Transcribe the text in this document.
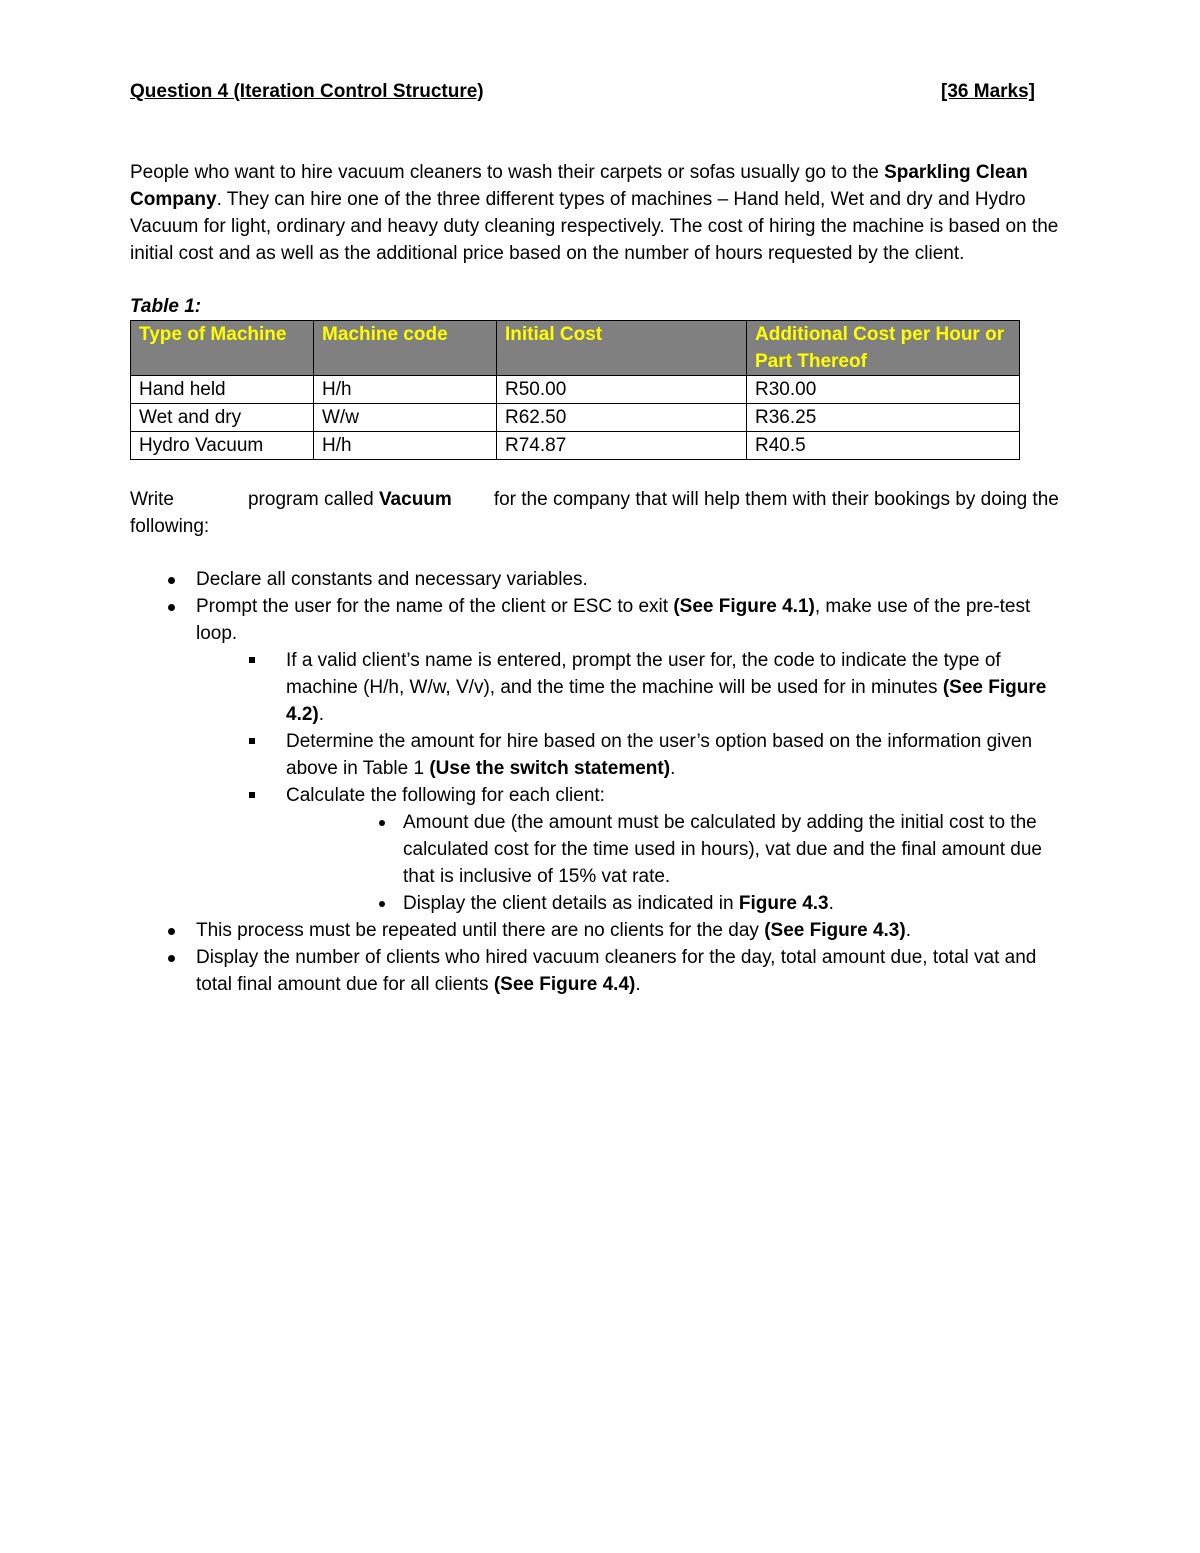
Question 4 (Iteration Control Structure)	[36 Marks]

People who want to hire vacuum cleaners to wash their carpets or sofas usually go to the Sparkling Clean Company. They can hire one of the three different types of machines – Hand held, Wet and dry and Hydro Vacuum for light, ordinary and heavy duty cleaning respectively. The cost of hiring the machine is based on the initial cost and as well as the additional price based on the number of hours requested by the client.

Table 1:
Type of Machine	Machine code	Initial Cost	Additional Cost per Hour or Part Thereof
Hand held	H/h	R50.00	R30.00
Wet and dry	W/w	R62.50	R36.25
Hydro Vacuum	H/h	R74.87	R40.5

Write	program called Vacuum for the company that will help them with their bookings by doing the following:

Declare all constants and necessary variables.
Prompt the user for the name of the client or ESC to exit (See Figure 4.1), make use of the pre-test loop.
If a valid client’s name is entered, prompt the user for, the code to indicate the type of machine (H/h, W/w, V/v), and the time the machine will be used for in minutes (See Figure 4.2).
Determine the amount for hire based on the user’s option based on the information given above in Table 1 (Use the switch statement).
Calculate the following for each client:
Amount due (the amount must be calculated by adding the initial cost to the calculated cost for the time used in hours), vat due and the final amount due that is inclusive of 15% vat rate.
Display the client details as indicated in Figure 4.3.
This process must be repeated until there are no clients for the day (See Figure 4.3).
Display the number of clients who hired vacuum cleaners for the day, total amount due, total vat and total final amount due for all clients (See Figure 4.4).
